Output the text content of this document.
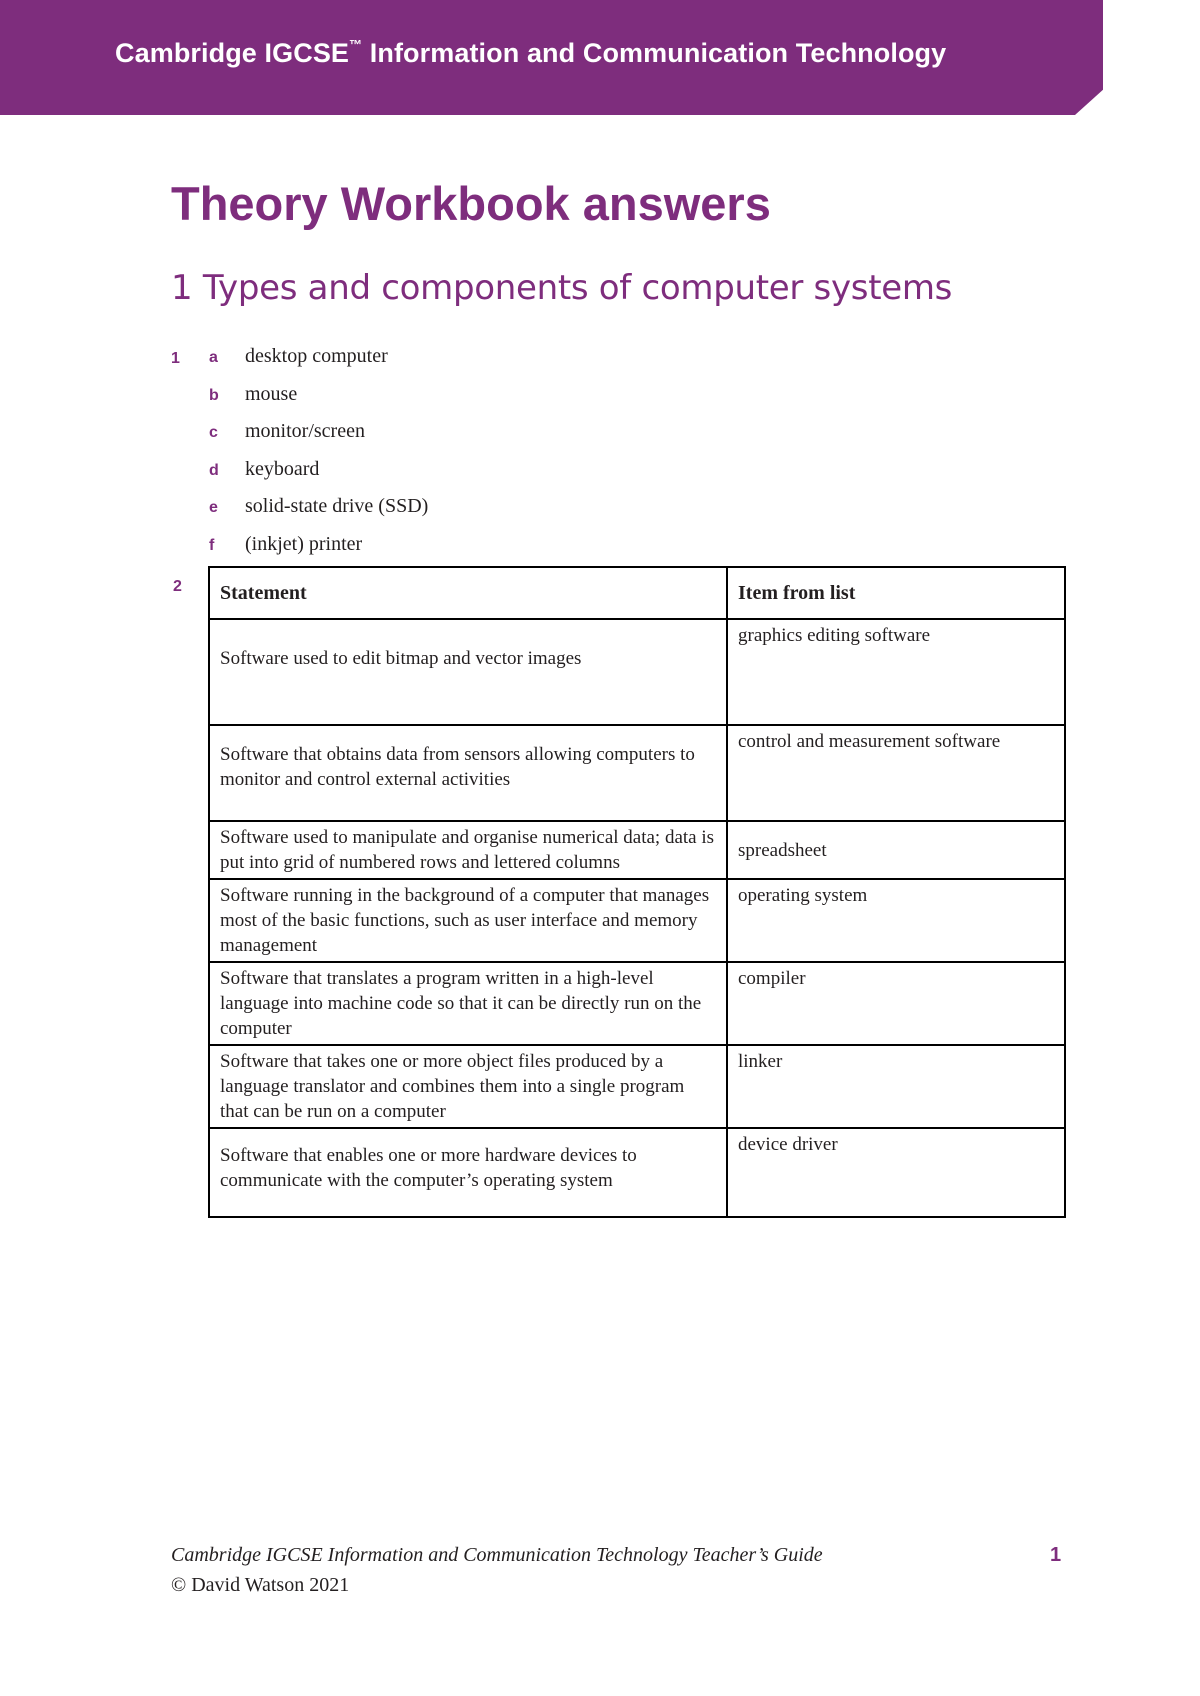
Cambridge IGCSE™ Information and Communication Technology
Theory Workbook answers
1 Types and components of computer systems
1 a	desktop computer
b	mouse
c	monitor/screen
d	keyboard
e	solid-state drive (SSD)
f	(inkjet) printer
2 Statement	Item from list
Software used to edit bitmap and vector images	graphics editing software
Software that obtains data from sensors allowing computers to monitor and control external activities	control and measurement software
Software used to manipulate and organise numerical data; data is put into grid of numbered rows and lettered columns	spreadsheet
Software running in the background of a computer that manages most of the basic functions, such as user interface and memory management	operating system
Software that translates a program written in a high-level language into machine code so that it can be directly run on the computer	compiler
Software that takes one or more object files produced by a language translator and combines them into a single program that can be run on a computer	linker
Software that enables one or more hardware devices to communicate with the computer’s operating system	device driver
Cambridge IGCSE Information and Communication Technology Teacher’s Guide
© David Watson 2021
1
